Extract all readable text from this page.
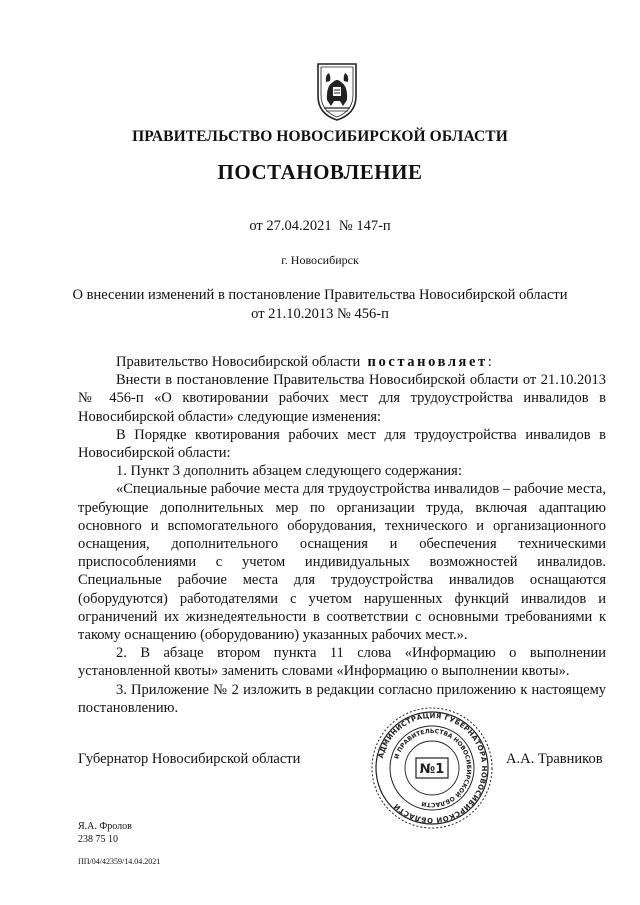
ПРАВИТЕЛЬСТВО НОВОСИБИРСКОЙ ОБЛАСТИ
ПОСТАНОВЛЕНИЕ
от 27.04.2021 № 147-п
г. Новосибирск
О внесении изменений в постановление Правительства Новосибирской области
от 21.10.2013 № 456-п

Правительство Новосибирской области постановляет:

Внести в постановление Правительства Новосибирской области от 21.10.2013 № 456-п «О квотировании рабочих мест для трудоустройства инвалидов в Новосибирской области» следующие изменения:

В Порядке квотирования рабочих мест для трудоустройства инвалидов в Новосибирской области:

1. Пункт 3 дополнить абзацем следующего содержания:

«Специальные рабочие места для трудоустройства инвалидов – рабочие места, требующие дополнительных мер по организации труда, включая адаптацию основного и вспомогательного оборудования, технического и организационного оснащения, дополнительного оснащения и обеспечения техническими приспособлениями с учетом индивидуальных возможностей инвалидов. Специальные рабочие места для трудоустройства инвалидов оснащаются (оборудуются) работодателями с учетом нарушенных функций инвалидов и ограничений их жизнедеятельности в соответствии с основными требованиями к такому оснащению (оборудованию) указанных рабочих мест.».

2. В абзаце втором пункта 11 слова «Информацию о выполнении установленной квоты» заменить словами «Информацию о выполнении квоты».

3. Приложение № 2 изложить в редакции согласно приложению к настоящему постановлению.

АДМИНИСТРАЦИЯ ГУБЕРНАТОРА НОВОСИБИРСКОЙ ОБЛАСТИ
И ПРАВИТЕЛЬСТВА НОВОСИБИРСКОЙ ОБЛАСТИ
№1
Губернатор Новосибирской области	А.А. Травников
Я.А. Фролов
238 75 10
ПП/04/42359/14.04.2021
